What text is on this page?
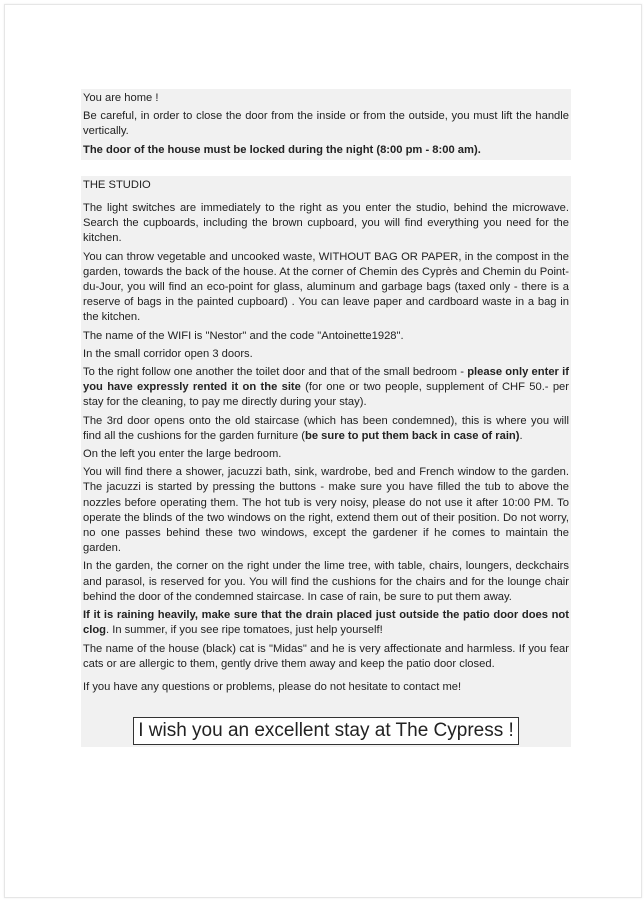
You are home !

Be careful, in order to close the door from the inside or from the outside, you must lift the handle vertically.

The door of the house must be locked during the night (8:00 pm - 8:00 am).

THE STUDIO

The light switches are immediately to the right as you enter the studio, behind the microwave. Search the cupboards, including the brown cupboard, you will find everything you need for the kitchen.

You can throw vegetable and uncooked waste, WITHOUT BAG OR PAPER, in the compost in the garden, towards the back of the house. At the corner of Chemin des Cyprès and Chemin du Point-du-Jour, you will find an eco-point for glass, aluminum and garbage bags (taxed only - there is a reserve of bags in the painted cupboard) . You can leave paper and cardboard waste in a bag in the kitchen.

The name of the WIFI is "Nestor" and the code "Antoinette1928".

In the small corridor open 3 doors.

To the right follow one another the toilet door and that of the small bedroom - please only enter if you have expressly rented it on the site (for one or two people, supplement of CHF 50.- per stay for the cleaning, to pay me directly during your stay).

The 3rd door opens onto the old staircase (which has been condemned), this is where you will find all the cushions for the garden furniture (be sure to put them back in case of rain).

On the left you enter the large bedroom.

You will find there a shower, jacuzzi bath, sink, wardrobe, bed and French window to the garden. The jacuzzi is started by pressing the buttons - make sure you have filled the tub to above the nozzles before operating them. The hot tub is very noisy, please do not use it after 10:00 PM. To operate the blinds of the two windows on the right, extend them out of their position. Do not worry, no one passes behind these two windows, except the gardener if he comes to maintain the garden.

In the garden, the corner on the right under the lime tree, with table, chairs, loungers, deckchairs and parasol, is reserved for you. You will find the cushions for the chairs and for the lounge chair behind the door of the condemned staircase. In case of rain, be sure to put them away.

If it is raining heavily, make sure that the drain placed just outside the patio door does not clog. In summer, if you see ripe tomatoes, just help yourself!

The name of the house (black) cat is "Midas" and he is very affectionate and harmless. If you fear cats or are allergic to them, gently drive them away and keep the patio door closed.

If you have any questions or problems, please do not hesitate to contact me!

I wish you an excellent stay at The Cypress !
